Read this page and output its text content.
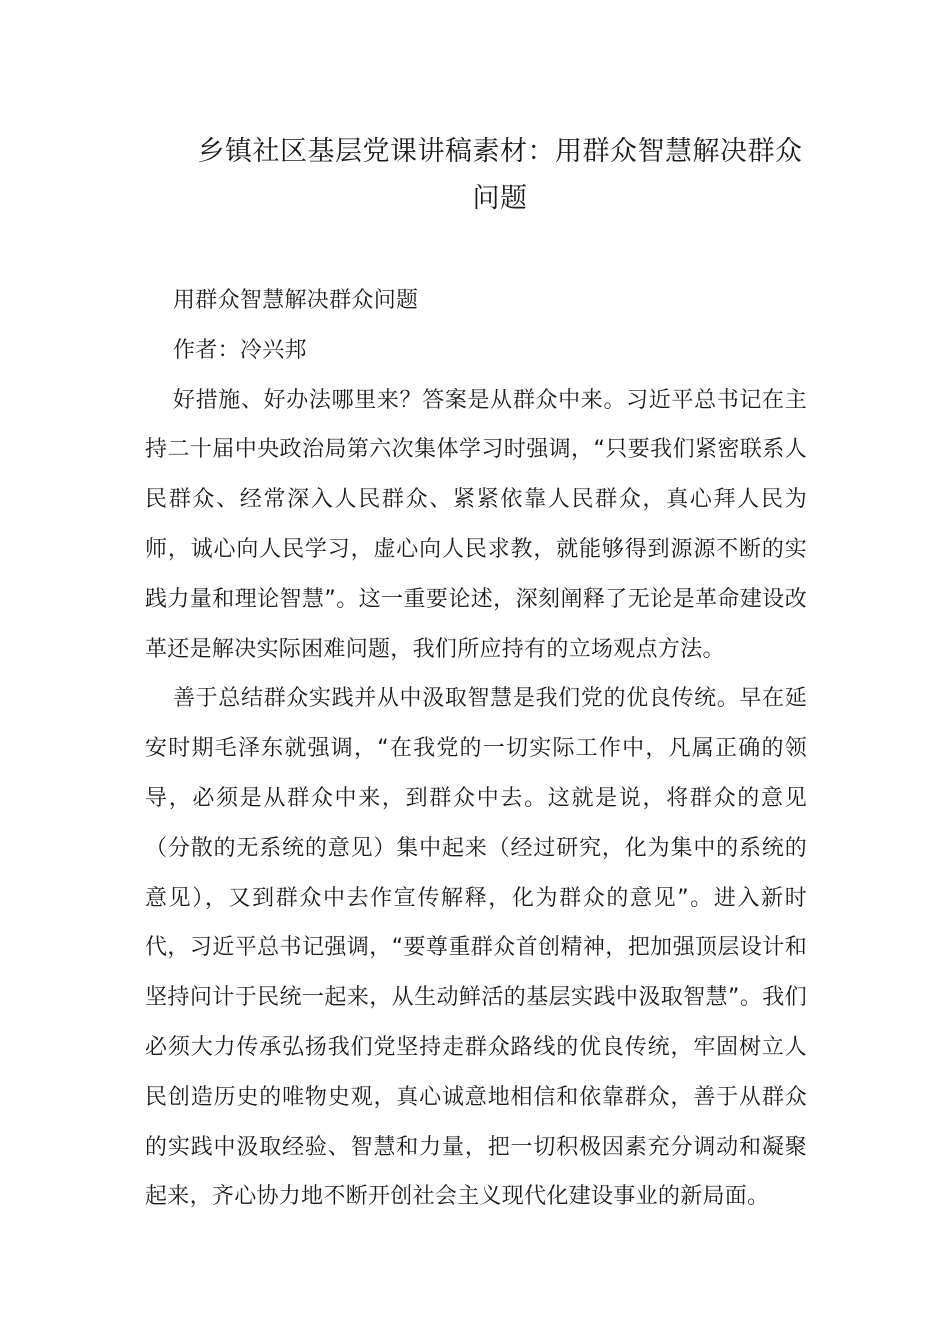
乡镇社区基层党课讲稿素材：用群众智慧解决群众问题

用群众智慧解决群众问题

作者：冷兴邦

好措施、好办法哪里来？答案是从群众中来。习近平总书记在主持二十届中央政治局第六次集体学习时强调，“只要我们紧密联系人民群众、经常深入人民群众、紧紧依靠人民群众，真心拜人民为师，诚心向人民学习，虚心向人民求教，就能够得到源源不断的实践力量和理论智慧”。这一重要论述，深刻阐释了无论是革命建设改革还是解决实际困难问题，我们所应持有的立场观点方法。

善于总结群众实践并从中汲取智慧是我们党的优良传统。早在延安时期毛泽东就强调，“在我党的一切实际工作中，凡属正确的领导，必须是从群众中来，到群众中去。这就是说，将群众的意见（分散的无系统的意见）集中起来（经过研究，化为集中的系统的意见），又到群众中去作宣传解释，化为群众的意见”。进入新时代，习近平总书记强调，“要尊重群众首创精神，把加强顶层设计和坚持问计于民统一起来，从生动鲜活的基层实践中汲取智慧”。我们必须大力传承弘扬我们党坚持走群众路线的优良传统，牢固树立人民创造历史的唯物史观，真心诚意地相信和依靠群众，善于从群众的实践中汲取经验、智慧和力量，把一切积极因素充分调动和凝聚起来，齐心协力地不断开创社会主义现代化建设事业的新局面。
